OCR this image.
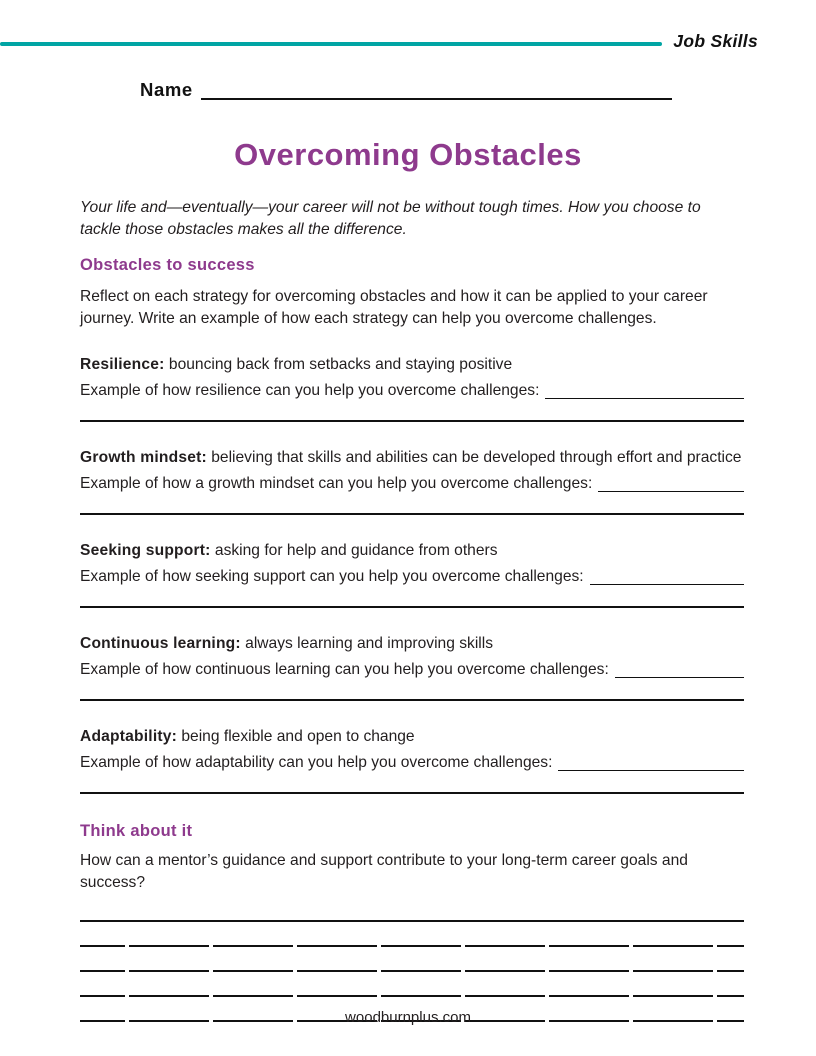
Job Skills
Name
Overcoming Obstacles

Your life and—eventually—your career will not be without tough times. How you choose to tackle those obstacles makes all the difference.

Obstacles to success

Reflect on each strategy for overcoming obstacles and how it can be applied to your career journey. Write an example of how each strategy can help you overcome challenges.

Resilience: bouncing back from setbacks and staying positive
Example of how resilience can you help you overcome challenges:
Growth mindset: believing that skills and abilities can be developed through effort and practice
Example of how a growth mindset can you help you overcome challenges:
Seeking support: asking for help and guidance from others
Example of how seeking support can you help you overcome challenges:
Continuous learning: always learning and improving skills
Example of how continuous learning can you help you overcome challenges:
Adaptability: being flexible and open to change
Example of how adaptability can you help you overcome challenges:
Think about it

How can a mentor’s guidance and support contribute to your long-term career goals and success?

woodburnplus.com
